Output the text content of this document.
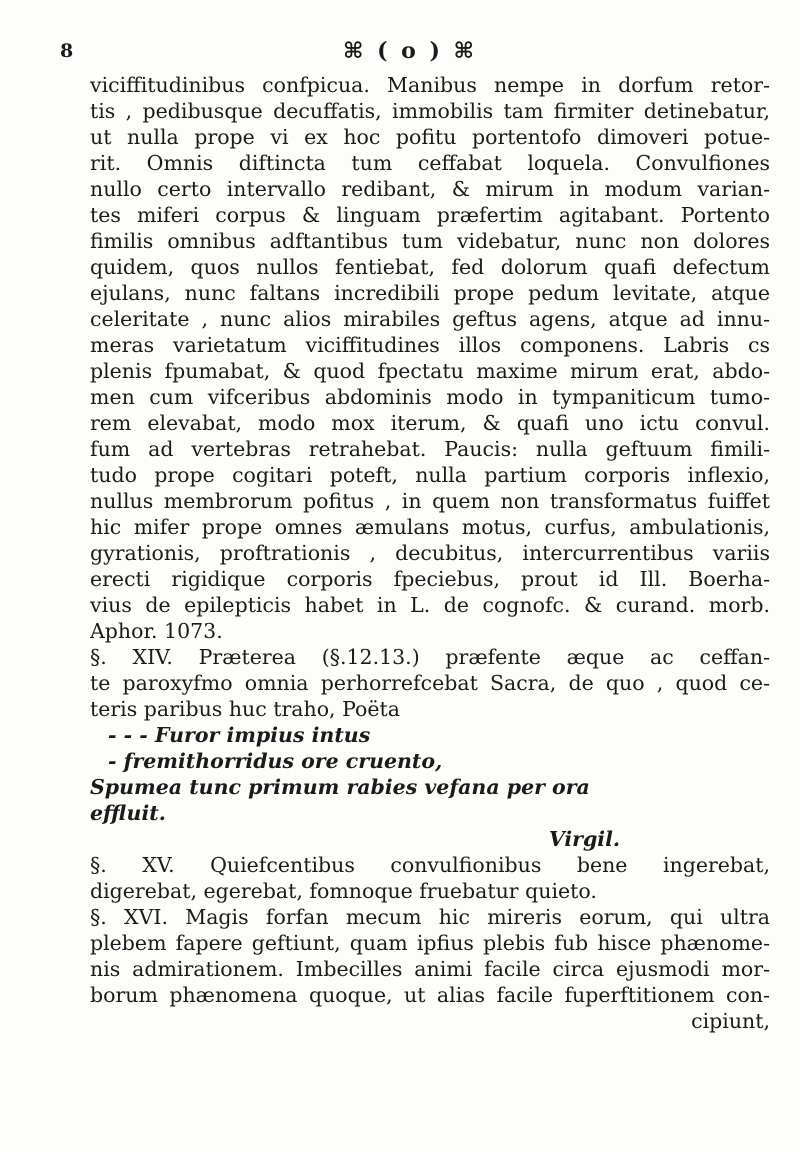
8	⌘ ( o ) ⌘
viciffitudinibus confpicua. Manibus nempe in dorfum retor-
tis , pedibusque decuffatis, immobilis tam firmiter detinebatur,
ut nulla prope vi ex hoc pofitu portentofo dimoveri potue-
rit. Omnis diftincta tum ceffabat loquela. Convulfiones
nullo certo intervallo redibant, & mirum in modum varian-
tes miferi corpus & linguam præfertim agitabant. Portento
fimilis omnibus adftantibus tum videbatur, nunc non dolores
quidem, quos nullos fentiebat, fed dolorum quafi defectum
ejulans, nunc faltans incredibili prope pedum levitate, atque
celeritate , nunc alios mirabiles geftus agens, atque ad innu-
meras varietatum viciffitudines illos componens. Labris cs
plenis fpumabat, & quod fpectatu maxime mirum erat, abdo-
men cum vifceribus abdominis modo in tympaniticum tumo-
rem elevabat, modo mox iterum, & quafi uno ictu convul.
fum ad vertebras retrahebat. Paucis: nulla geftuum fimili-
tudo prope cogitari poteft, nulla partium corporis inflexio,
nullus membrorum pofitus , in quem non transformatus fuiffet
hic mifer prope omnes æmulans motus, curfus, ambulationis,
gyrationis, proftrationis , decubitus, intercurrentibus variis
erecti rigidique corporis fpeciebus, prout id Ill. Boerha-
vius de epilepticis habet in L. de cognofc. & curand. morb.
Aphor. 1073.
§. XIV. Præterea (§.12.13.) præfente æque ac ceffan-
te paroxyfmo omnia perhorrefcebat Sacra, de quo , quod ce-
teris paribus huc traho, Poëta
- - - Furor impius intus
- fremithorridus ore cruento,
Spumea tunc primum rabies vefana per ora
effluit.
Virgil.
§. XV. Quiefcentibus convulfionibus bene ingerebat,
digerebat, egerebat, fomnoque fruebatur quieto.
§. XVI. Magis forfan mecum hic mireris eorum, qui ultra
plebem fapere geftiunt, quam ipfius plebis fub hisce phænome-
nis admirationem. Imbecilles animi facile circa ejusmodi mor-
borum phænomena quoque, ut alias facile fuperftitionem con-
cipiunt,
